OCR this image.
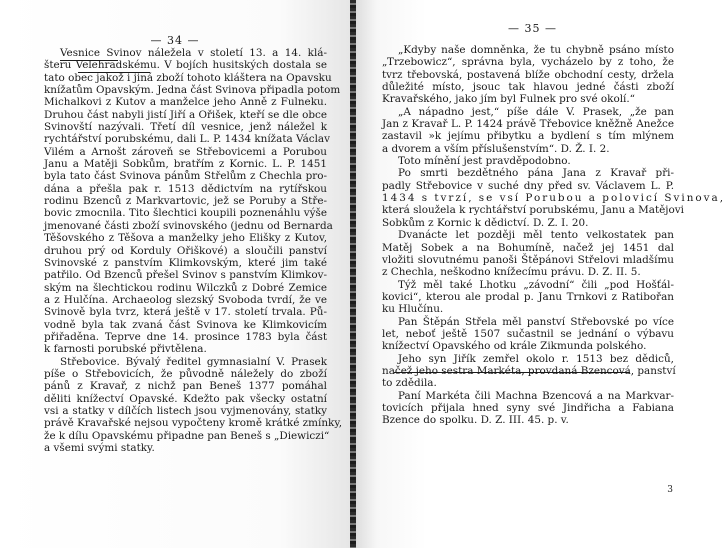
— 34 —
Vesnice Svinov náležela v století 13. a 14. klá-
šteru Velehradskému. V bojích husitských dostala se
tato obec jakož i jiná zboží tohoto kláštera na Opavsku
knížatům Opavským. Jedna část Svinova připadla potom
Michalkovi z Kutov a manželce jeho Anně z Fulneku.
Druhou část nabyli jistí Jiří a Ořišek, kteří se dle obce
Svinovští nazývali. Třetí díl vesnice, jenž náležel k
rychtářství porubskému, dali L. P. 1434 knížata Václav
Vilém a Arnošt zároveň se Střebovicemi a Porubou
Janu a Matěji Sobkům, bratřím z Kornic. L. P. 1451
byla tato část Svinova pánům Střelům z Chechla pro-
dána a přešla pak r. 1513 dědictvím na rytířskou
rodinu Bzenců z Markvartovic, jež se Poruby a Stře-
bovic zmocnila. Tito šlechtici koupili poznenáhlu výše
jmenované části zboží svinovského (jednu od Bernarda
Těšovského z Těšova a manželky jeho Elišky z Kutov,
druhou prý od Korduly Ořiškové) a sloučili panství
Svinovské z panstvím Klimkovským, které jim také
patřilo. Od Bzenců přešel Svinov s panstvím Klimkov-
ským na šlechtickou rodinu Wilczků z Dobré Zemice
a z Hulčína. Archaeolog slezský Svoboda tvrdí, že ve
Svinově byla tvrz, která ještě v 17. století trvala. Pů-
vodně byla tak zvaná část Svinova ke Klimkovicím
přiřaděna. Teprve dne 14. prosince 1783 byla část
k farnosti porubské přivtělena.
Střebovice. Bývalý ředitel gymnasialní V. Prasek
píše o Střebovicích, že původně náležely do zboží
pánů z Kravař, z nichž pan Beneš 1377 pomáhal
děliti knížectví Opavské. Kdežto pak všecky ostatní
vsi a statky v dílčích listech jsou vyjmenovány, statky
právě Kravařské nejsou vypočteny kromě krátké zmínky,
že k dílu Opavskému připadne pan Beneš s „Diewiczi“
a všemi svými statky.
— 35 —
„Kdyby naše domněnka, že tu chybně psáno místo
„Trzebowicz“, správna byla, vycházelo by z toho, že
tvrz třebovská, postavená blíže obchodní cesty, držela
důležité místo, jsouc tak hlavou jedné části zboží
Kravařského, jako jím byl Fulnek pro své okolí.“
„A nápadno jest,“ píše dále V. Prasek, „že pan
Jan z Kravař L. P. 1424 právě Třebovice kněžně Anežce
zastavil »k jejímu přibytku a bydlení s tím mlýnem
a dvorem a vším příslušenstvím“. D. Ž. I. 2.
Toto mínění jest pravděpodobno.
Po smrti bezdětného pána Jana z Kravař při-
padly Střebovice v suché dny před sv. Václavem L. P.
1434 s tvrzí, se vsí Porubou a polovicí Svinova,
která sloužela k rychtářství porubskému, Janu a Matějovi
Sobkům z Kornic k dědictví. D. Z. I. 20.
Dvanácte let později měl tento velkostatek pan
Matěj Sobek a na Bohumíně, načež jej 1451 dal
vložiti slovutnému panoši Štěpánovi Střelovi mladšímu
z Chechla, neškodno knížecímu právu. D. Z. II. 5.
Týž měl také Lhotku „závodní“ čili „pod Hošťál-
kovici“, kterou ale prodal p. Janu Trnkovi z Ratibořan
ku Hlučínu.
Pan Štěpán Střela měl panství Střebovské po více
let, neboť ještě 1507 sučastnil se jednání o výbavu
knížectví Opavského od krále Zikmunda polského.
Jeho syn Jiřík zemřel okolo r. 1513 bez dědiců,
načež jeho sestra Markéta, provdaná Bzencová, panství
to zdědila.
Paní Markéta čili Machna Bzencová a na Markvar-
tovicích přijala hned syny své Jindřicha a Fabiana
Bzence do spolku. D. Z. III. 45. p. v.
3
